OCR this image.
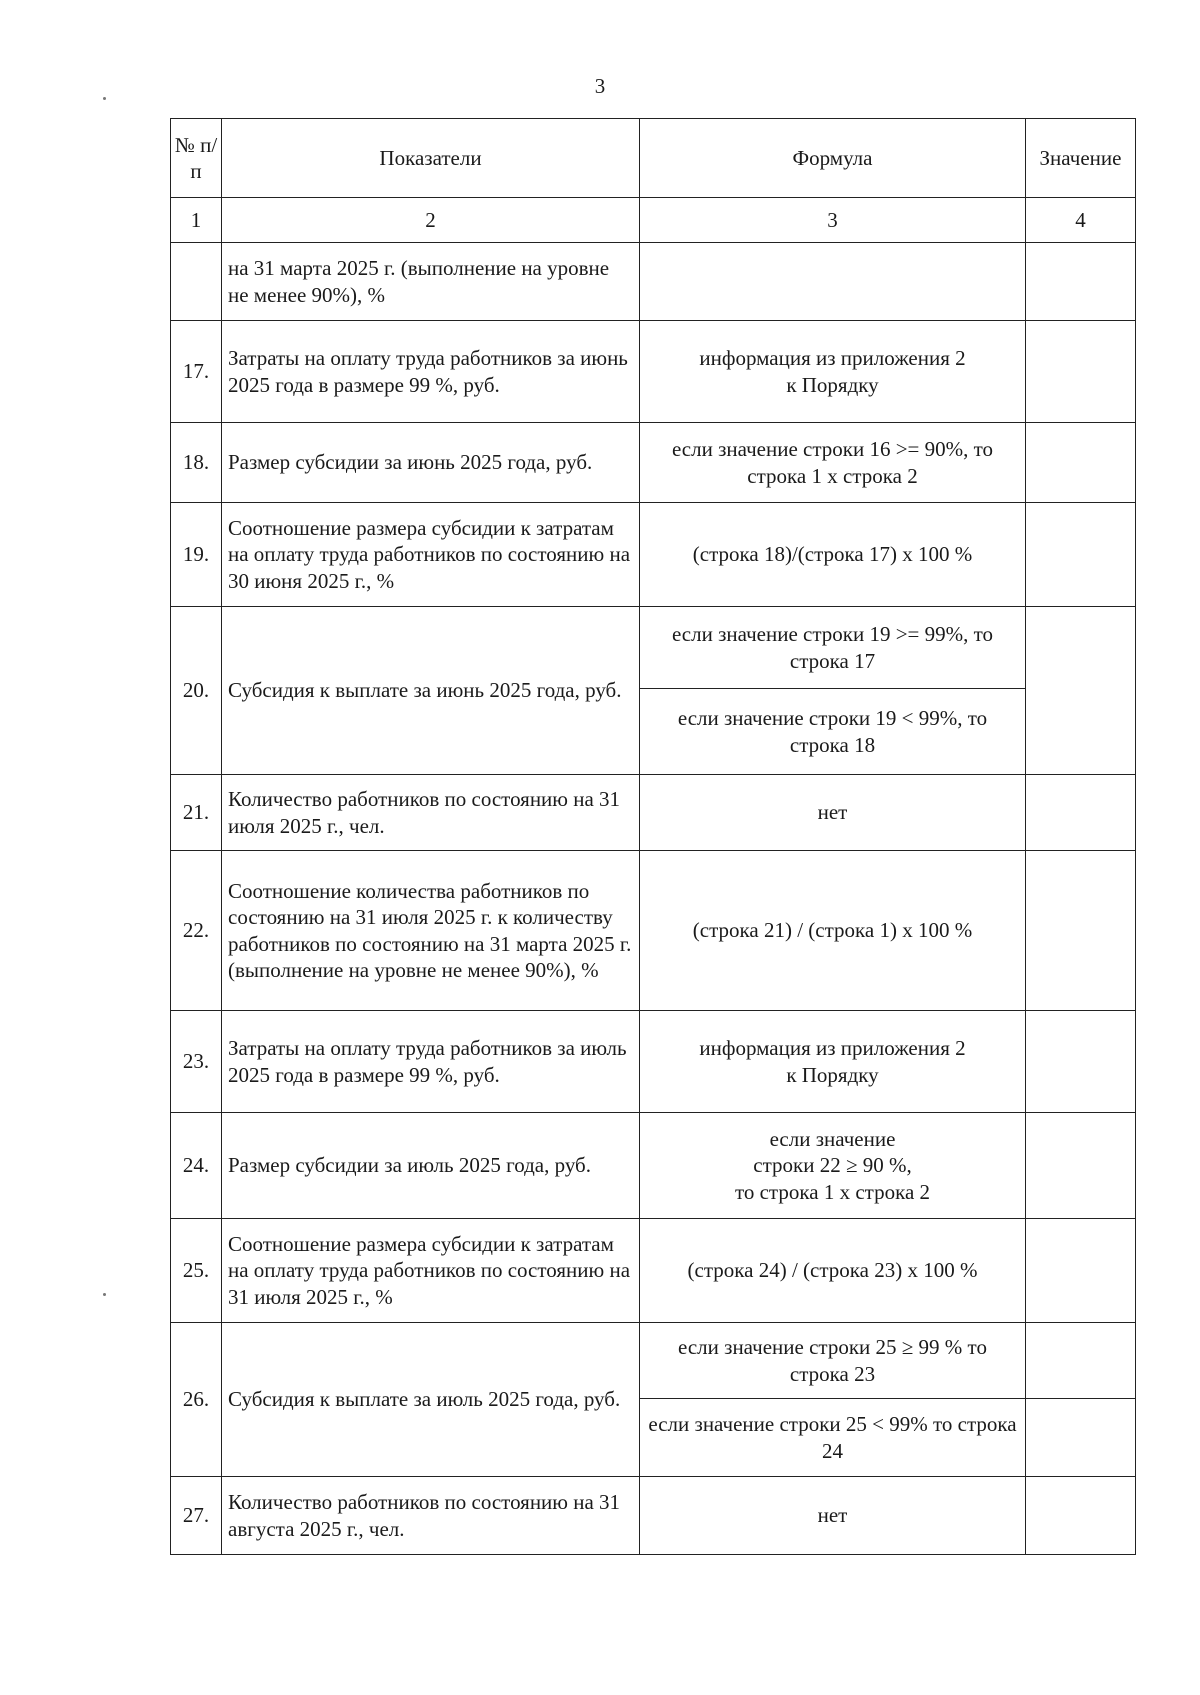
3
№ п/п	Показатели	Формула	Значение
1	2	3	4
	на 31 марта 2025 г. (выполнение на уровне не менее 90%), %		
17.	Затраты на оплату труда работников за июнь 2025 года в размере 99 %, руб.	информация из приложения 2
к Порядку	
18.	Размер субсидии за июнь 2025 года, руб.	если значение строки 16 >= 90%, то строка 1 х строка 2	
19.	Соотношение размера субсидии к затратам на оплату труда работников по состоянию на 30 июня 2025 г., %	(строка 18)/(строка 17) х 100 %	
20.	Субсидия к выплате за июнь 2025 года, руб.	если значение строки 19 >= 99%, то строка 17	
		если значение строки 19 < 99%, то строка 18	
21.	Количество работников по состоянию на 31 июля 2025 г., чел.	нет	
22.	Соотношение количества работников по состоянию на 31 июля 2025 г. к количеству работников по состоянию на 31 марта 2025 г. (выполнение на уровне не менее 90%), %	(строка 21) / (строка 1) х 100 %	
23.	Затраты на оплату труда работников за июль 2025 года в размере 99 %, руб.	информация из приложения 2
к Порядку	
24.	Размер субсидии за июль 2025 года, руб.	если значение
строки 22 ≥ 90 %,
то строка 1 х строка 2	
25.	Соотношение размера субсидии к затратам на оплату труда работников по состоянию на 31 июля 2025 г., %	(строка 24) / (строка 23) х 100 %	
26.	Субсидия к выплате за июль 2025 года, руб.	если значение строки 25 ≥ 99 % то строка 23	
		если значение строки 25 < 99% то строка 24	
27.	Количество работников по состоянию на 31 августа 2025 г., чел.	нет	
